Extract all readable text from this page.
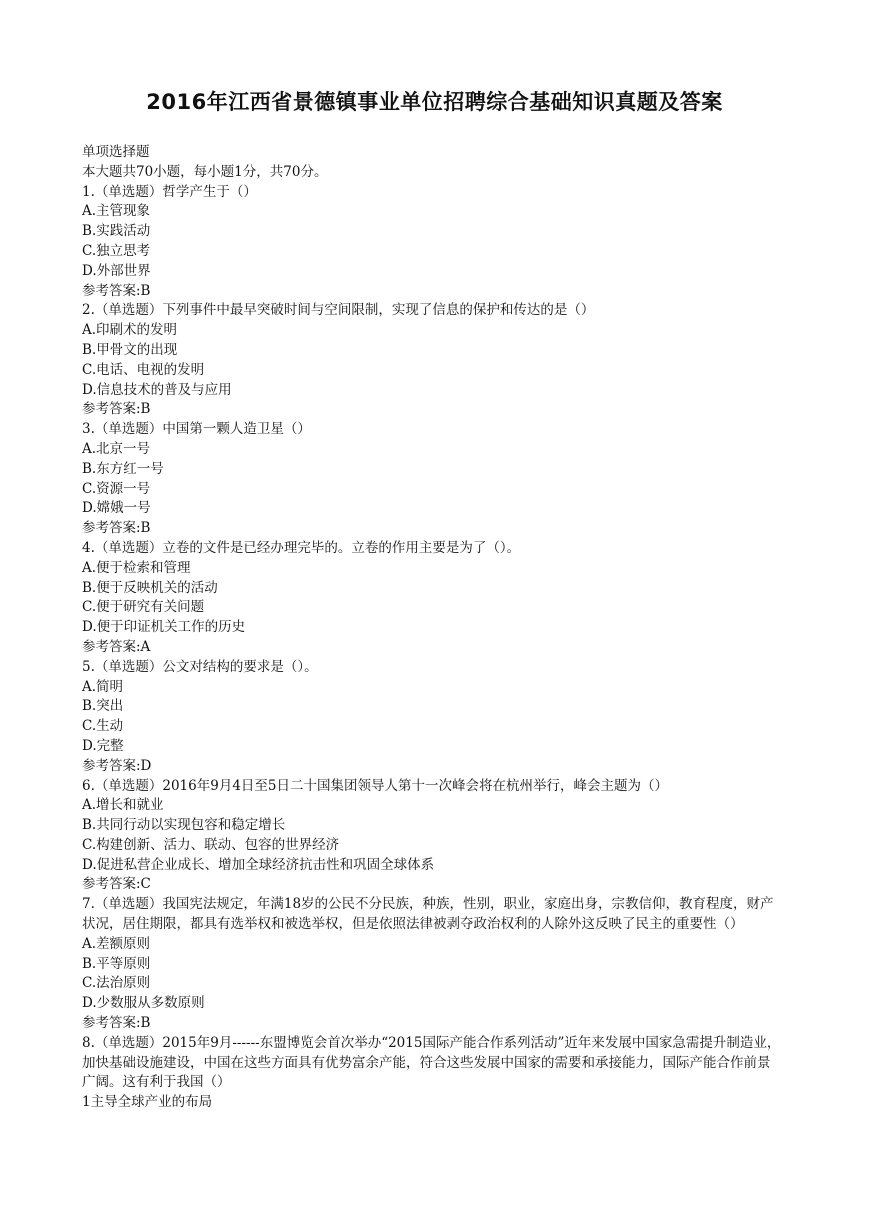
2016年江西省景德镇事业单位招聘综合基础知识真题及答案
单项选择题
本大题共70小题，每小题1分，共70分。
1.（单选题）哲学产生于（）
A.主管现象
B.实践活动
C.独立思考
D.外部世界
参考答案:B
2.（单选题）下列事件中最早突破时间与空间限制，实现了信息的保护和传达的是（）
A.印刷术的发明
B.甲骨文的出现
C.电话、电视的发明
D.信息技术的普及与应用
参考答案:B
3.（单选题）中国第一颗人造卫星（）
A.北京一号
B.东方红一号
C.资源一号
D.嫦娥一号
参考答案:B
4.（单选题）立卷的文件是已经办理完毕的。立卷的作用主要是为了（）。
A.便于检索和管理
B.便于反映机关的活动
C.便于研究有关问题
D.便于印证机关工作的历史
参考答案:A
5.（单选题）公文对结构的要求是（）。
A.简明
B.突出
C.生动
D.完整
参考答案:D
6.（单选题）2016年9月4日至5日二十国集团领导人第十一次峰会将在杭州举行，峰会主题为（）
A.增长和就业
B.共同行动以实现包容和稳定增长
C.构建创新、活力、联动、包容的世界经济
D.促进私营企业成长、增加全球经济抗击性和巩固全球体系
参考答案:C
7.（单选题）我国宪法规定，年满18岁的公民不分民族，种族，性别，职业，家庭出身，宗教信仰，教育程度，财产状况，居住期限，都具有选举权和被选举权，但是依照法律被剥夺政治权利的人除外这反映了民主的重要性（）
A.差额原则
B.平等原则
C.法治原则
D.少数服从多数原则
参考答案:B
8.（单选题）2015年9月------东盟博览会首次举办“2015国际产能合作系列活动”近年来发展中国家急需提升制造业，加快基础设施建设，中国在这些方面具有优势富余产能，符合这些发展中国家的需要和承接能力，国际产能合作前景广阔。这有利于我国（）
1主导全球产业的布局
